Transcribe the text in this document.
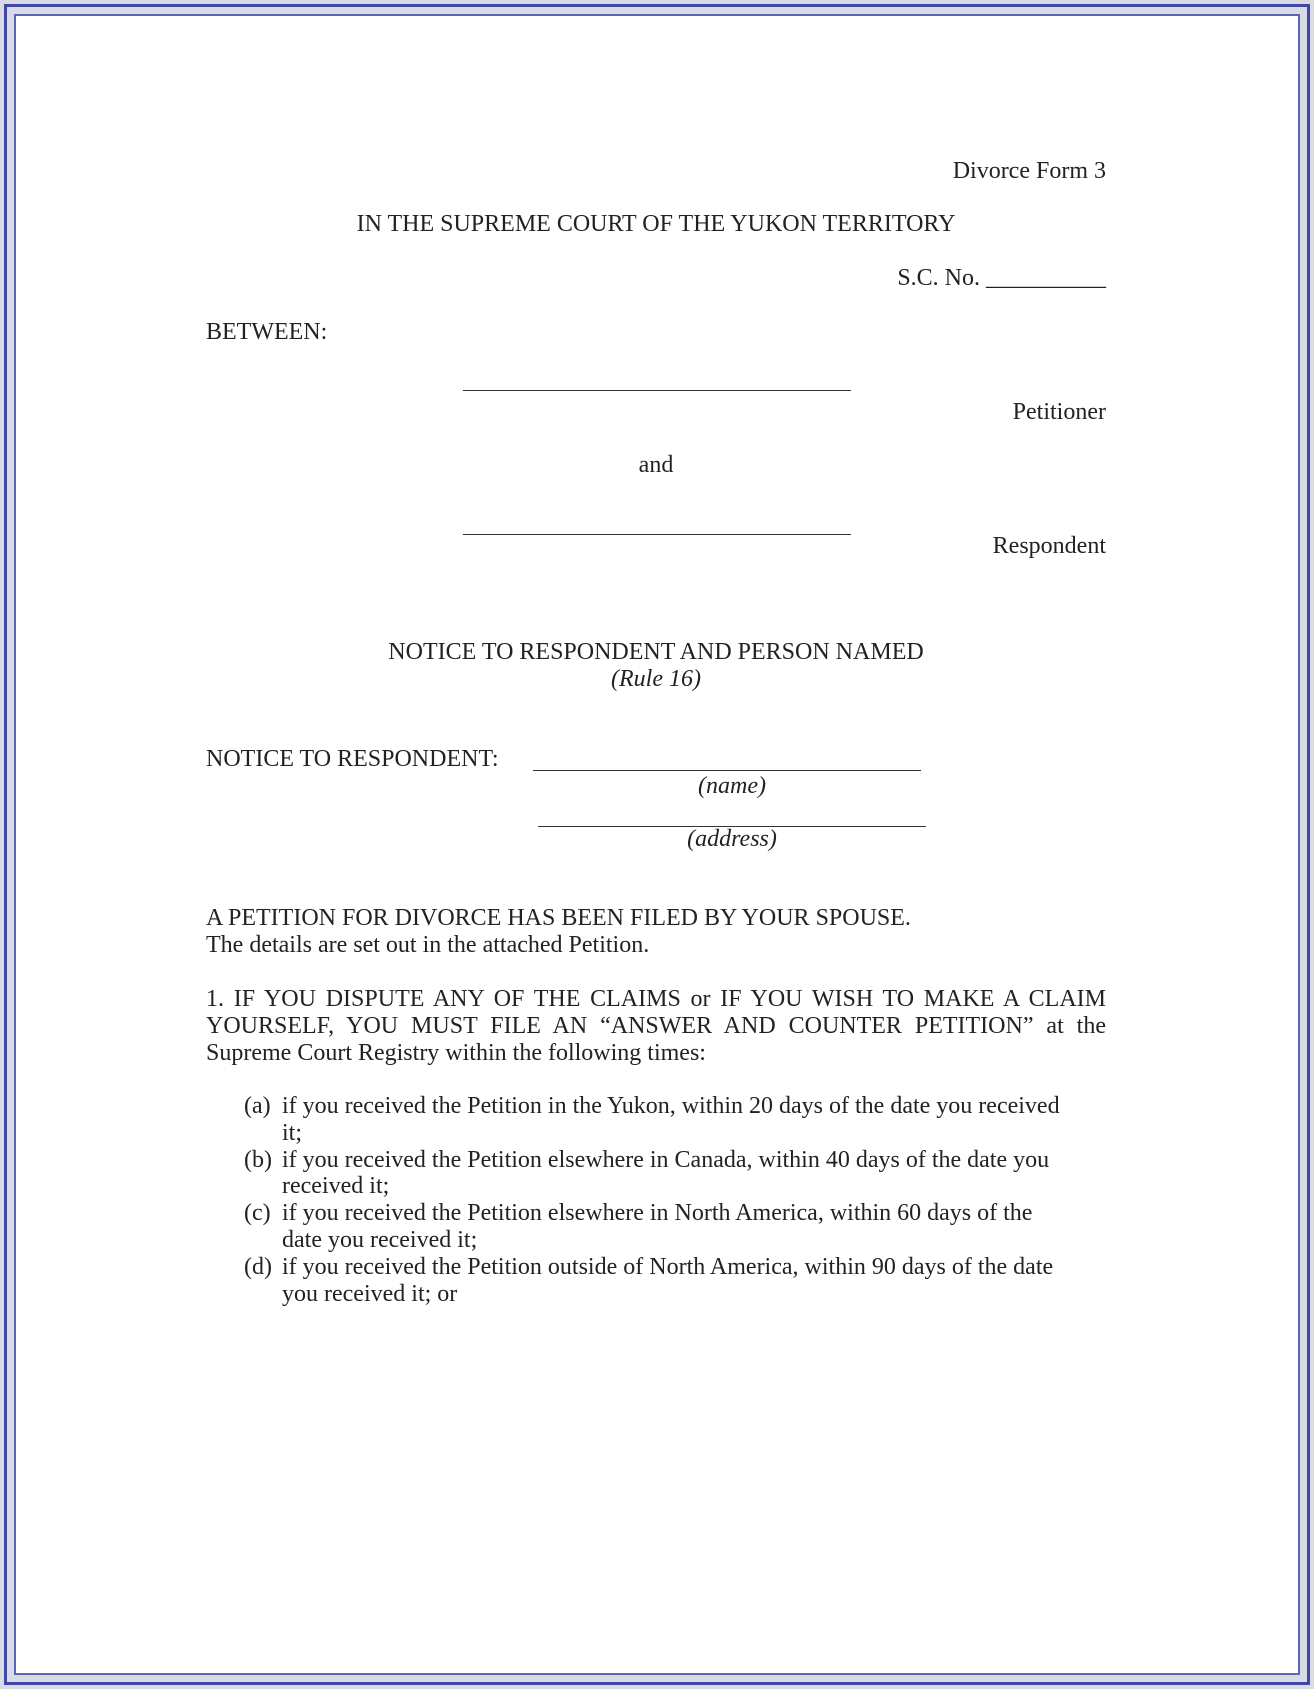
Divorce Form 3
IN THE SUPREME COURT OF THE YUKON TERRITORY
S.C. No. __________
BETWEEN:
Petitioner
and
Respondent
NOTICE TO RESPONDENT AND PERSON NAMED
(Rule 16)
NOTICE TO RESPONDENT:
(name)
(address)
A PETITION FOR DIVORCE HAS BEEN FILED BY YOUR SPOUSE.
The details are set out in the attached Petition.
1. IF YOU DISPUTE ANY OF THE CLAIMS or IF YOU WISH TO MAKE A CLAIM
YOURSELF, YOU MUST FILE AN “ANSWER AND COUNTER PETITION” at the
Supreme Court Registry within the following times:
(a) if you received the Petition in the Yukon, within 20 days of the date you received
it;
(b) if you received the Petition elsewhere in Canada, within 40 days of the date you
received it;
(c) if you received the Petition elsewhere in North America, within 60 days of the
date you received it;
(d) if you received the Petition outside of North America, within 90 days of the date
you received it; or
